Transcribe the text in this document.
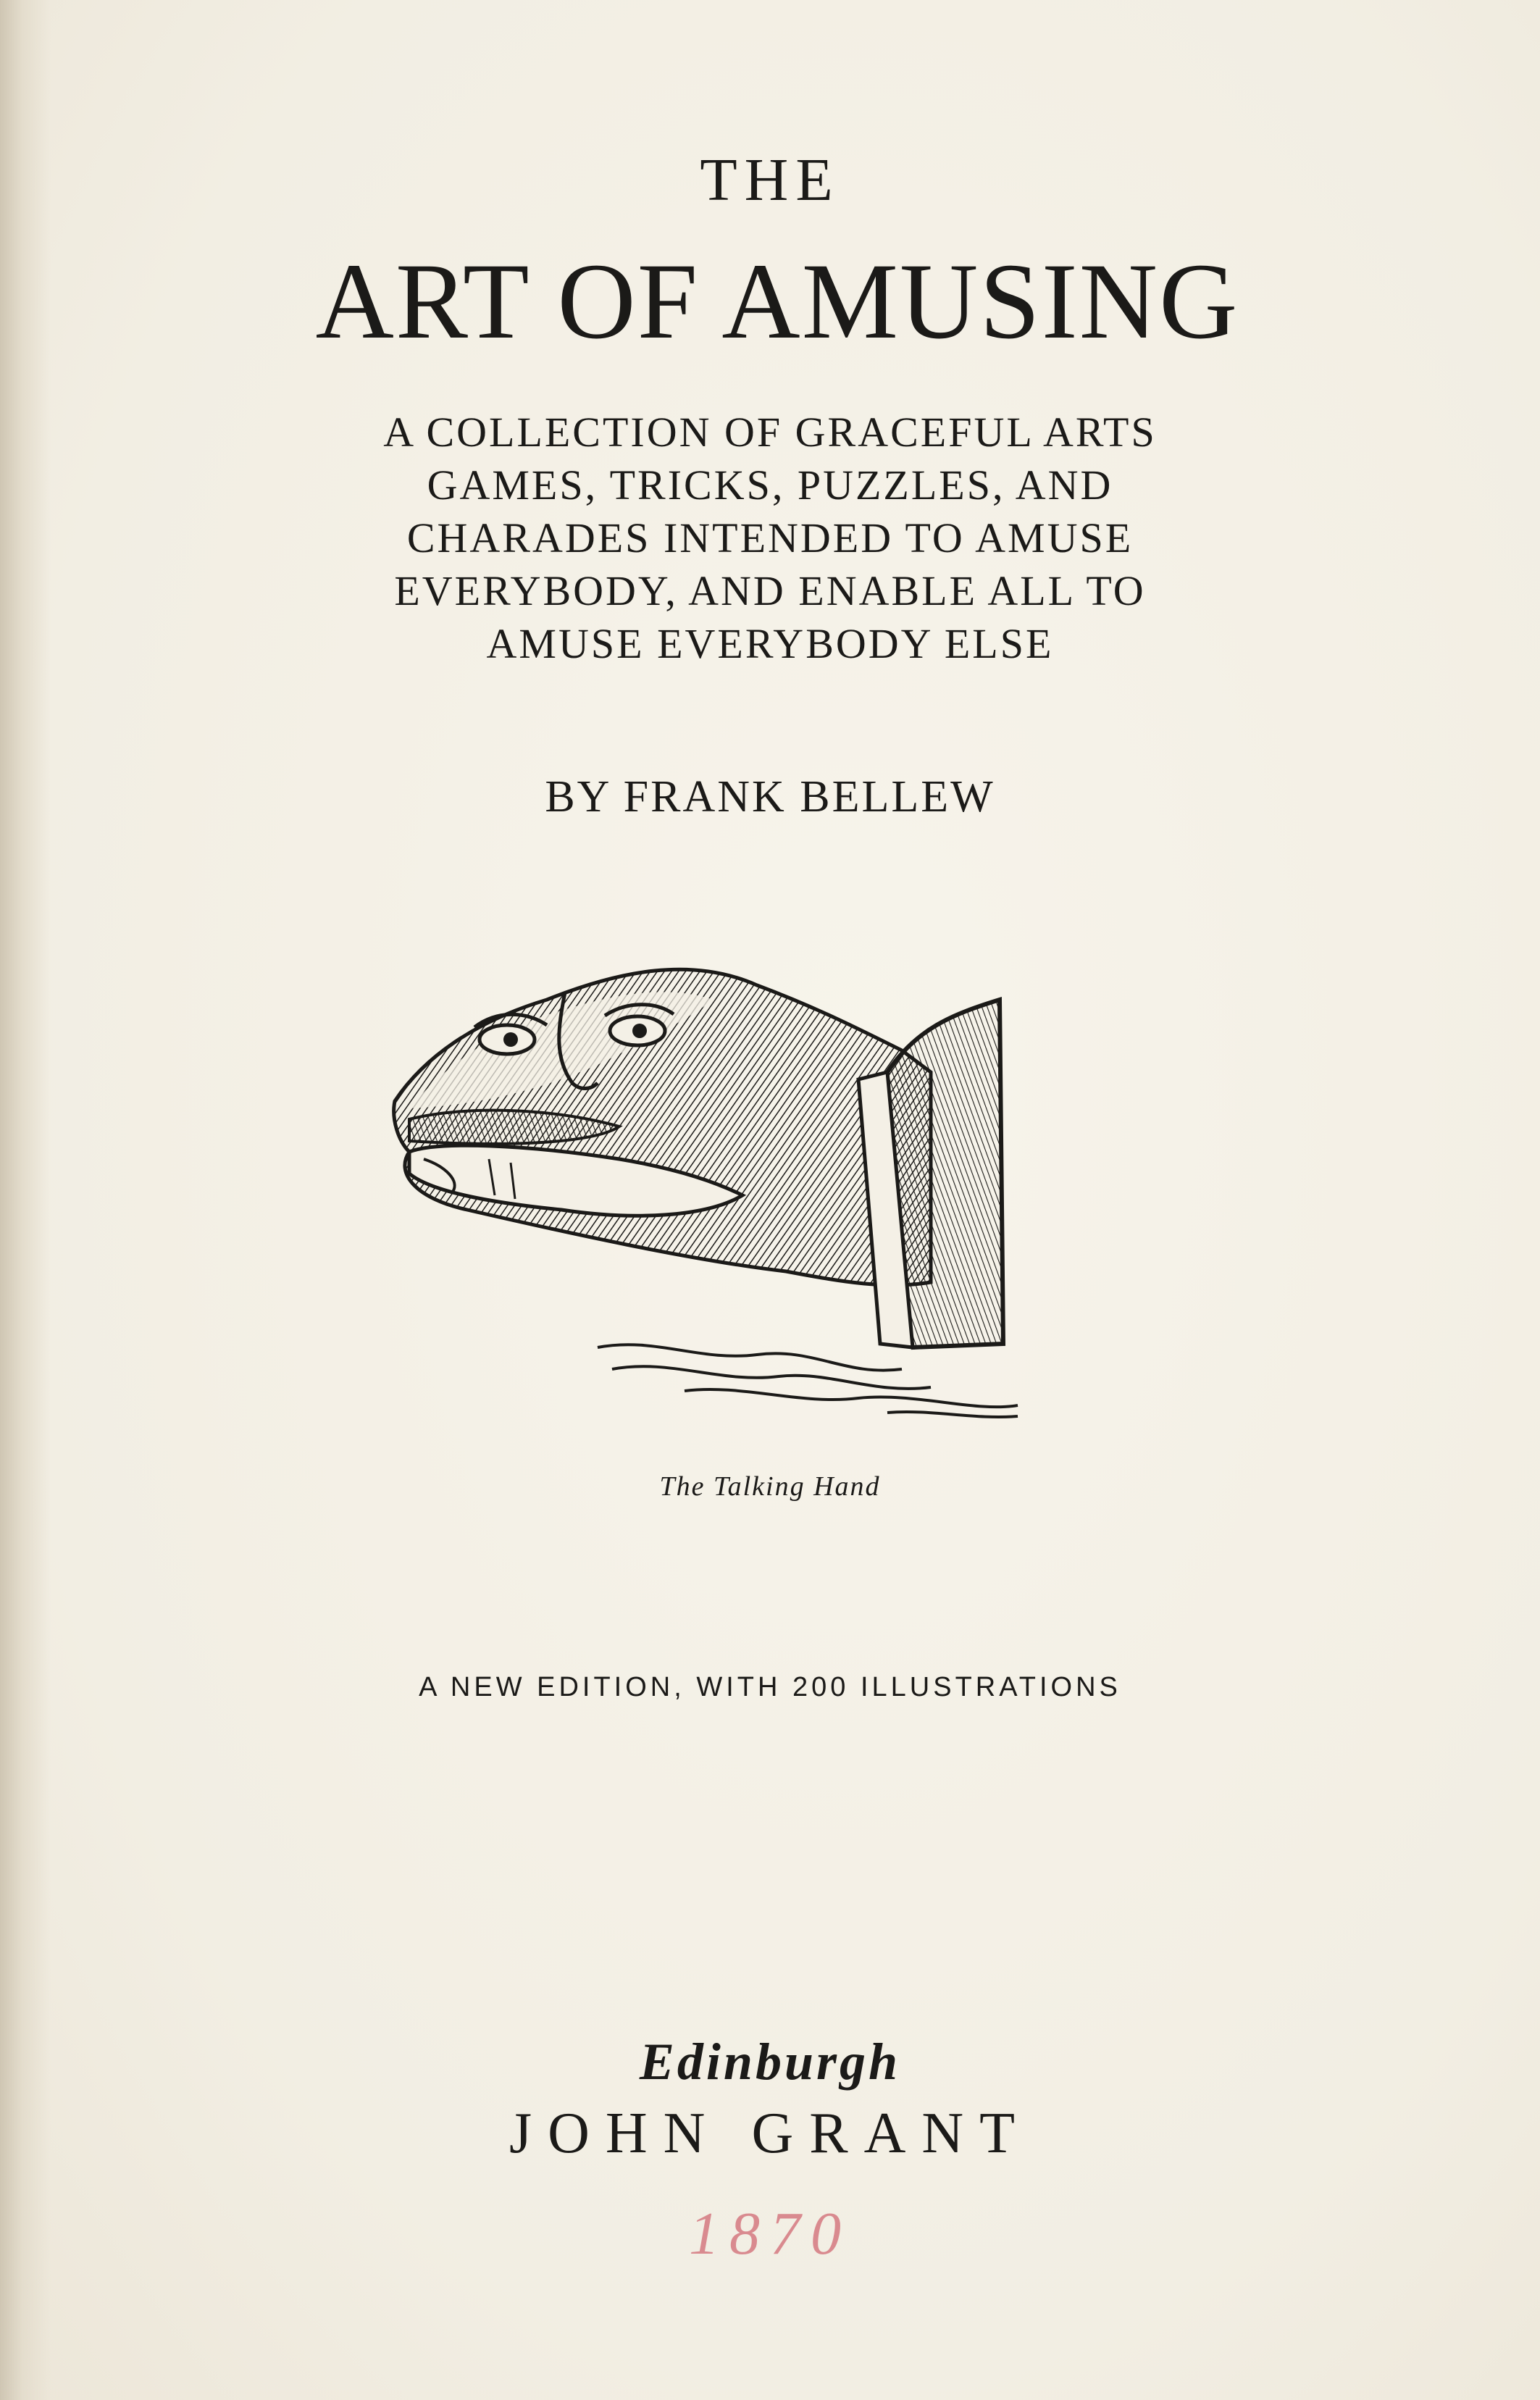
THE
ART OF AMUSING
A COLLECTION OF GRACEFUL ARTS
GAMES, TRICKS, PUZZLES, AND
CHARADES INTENDED TO AMUSE
EVERYBODY, AND ENABLE ALL TO
AMUSE EVERYBODY ELSE
BY FRANK BELLEW
The Talking Hand
A NEW EDITION, WITH 200 ILLUSTRATIONS
Edinburgh
JOHN GRANT
1870
